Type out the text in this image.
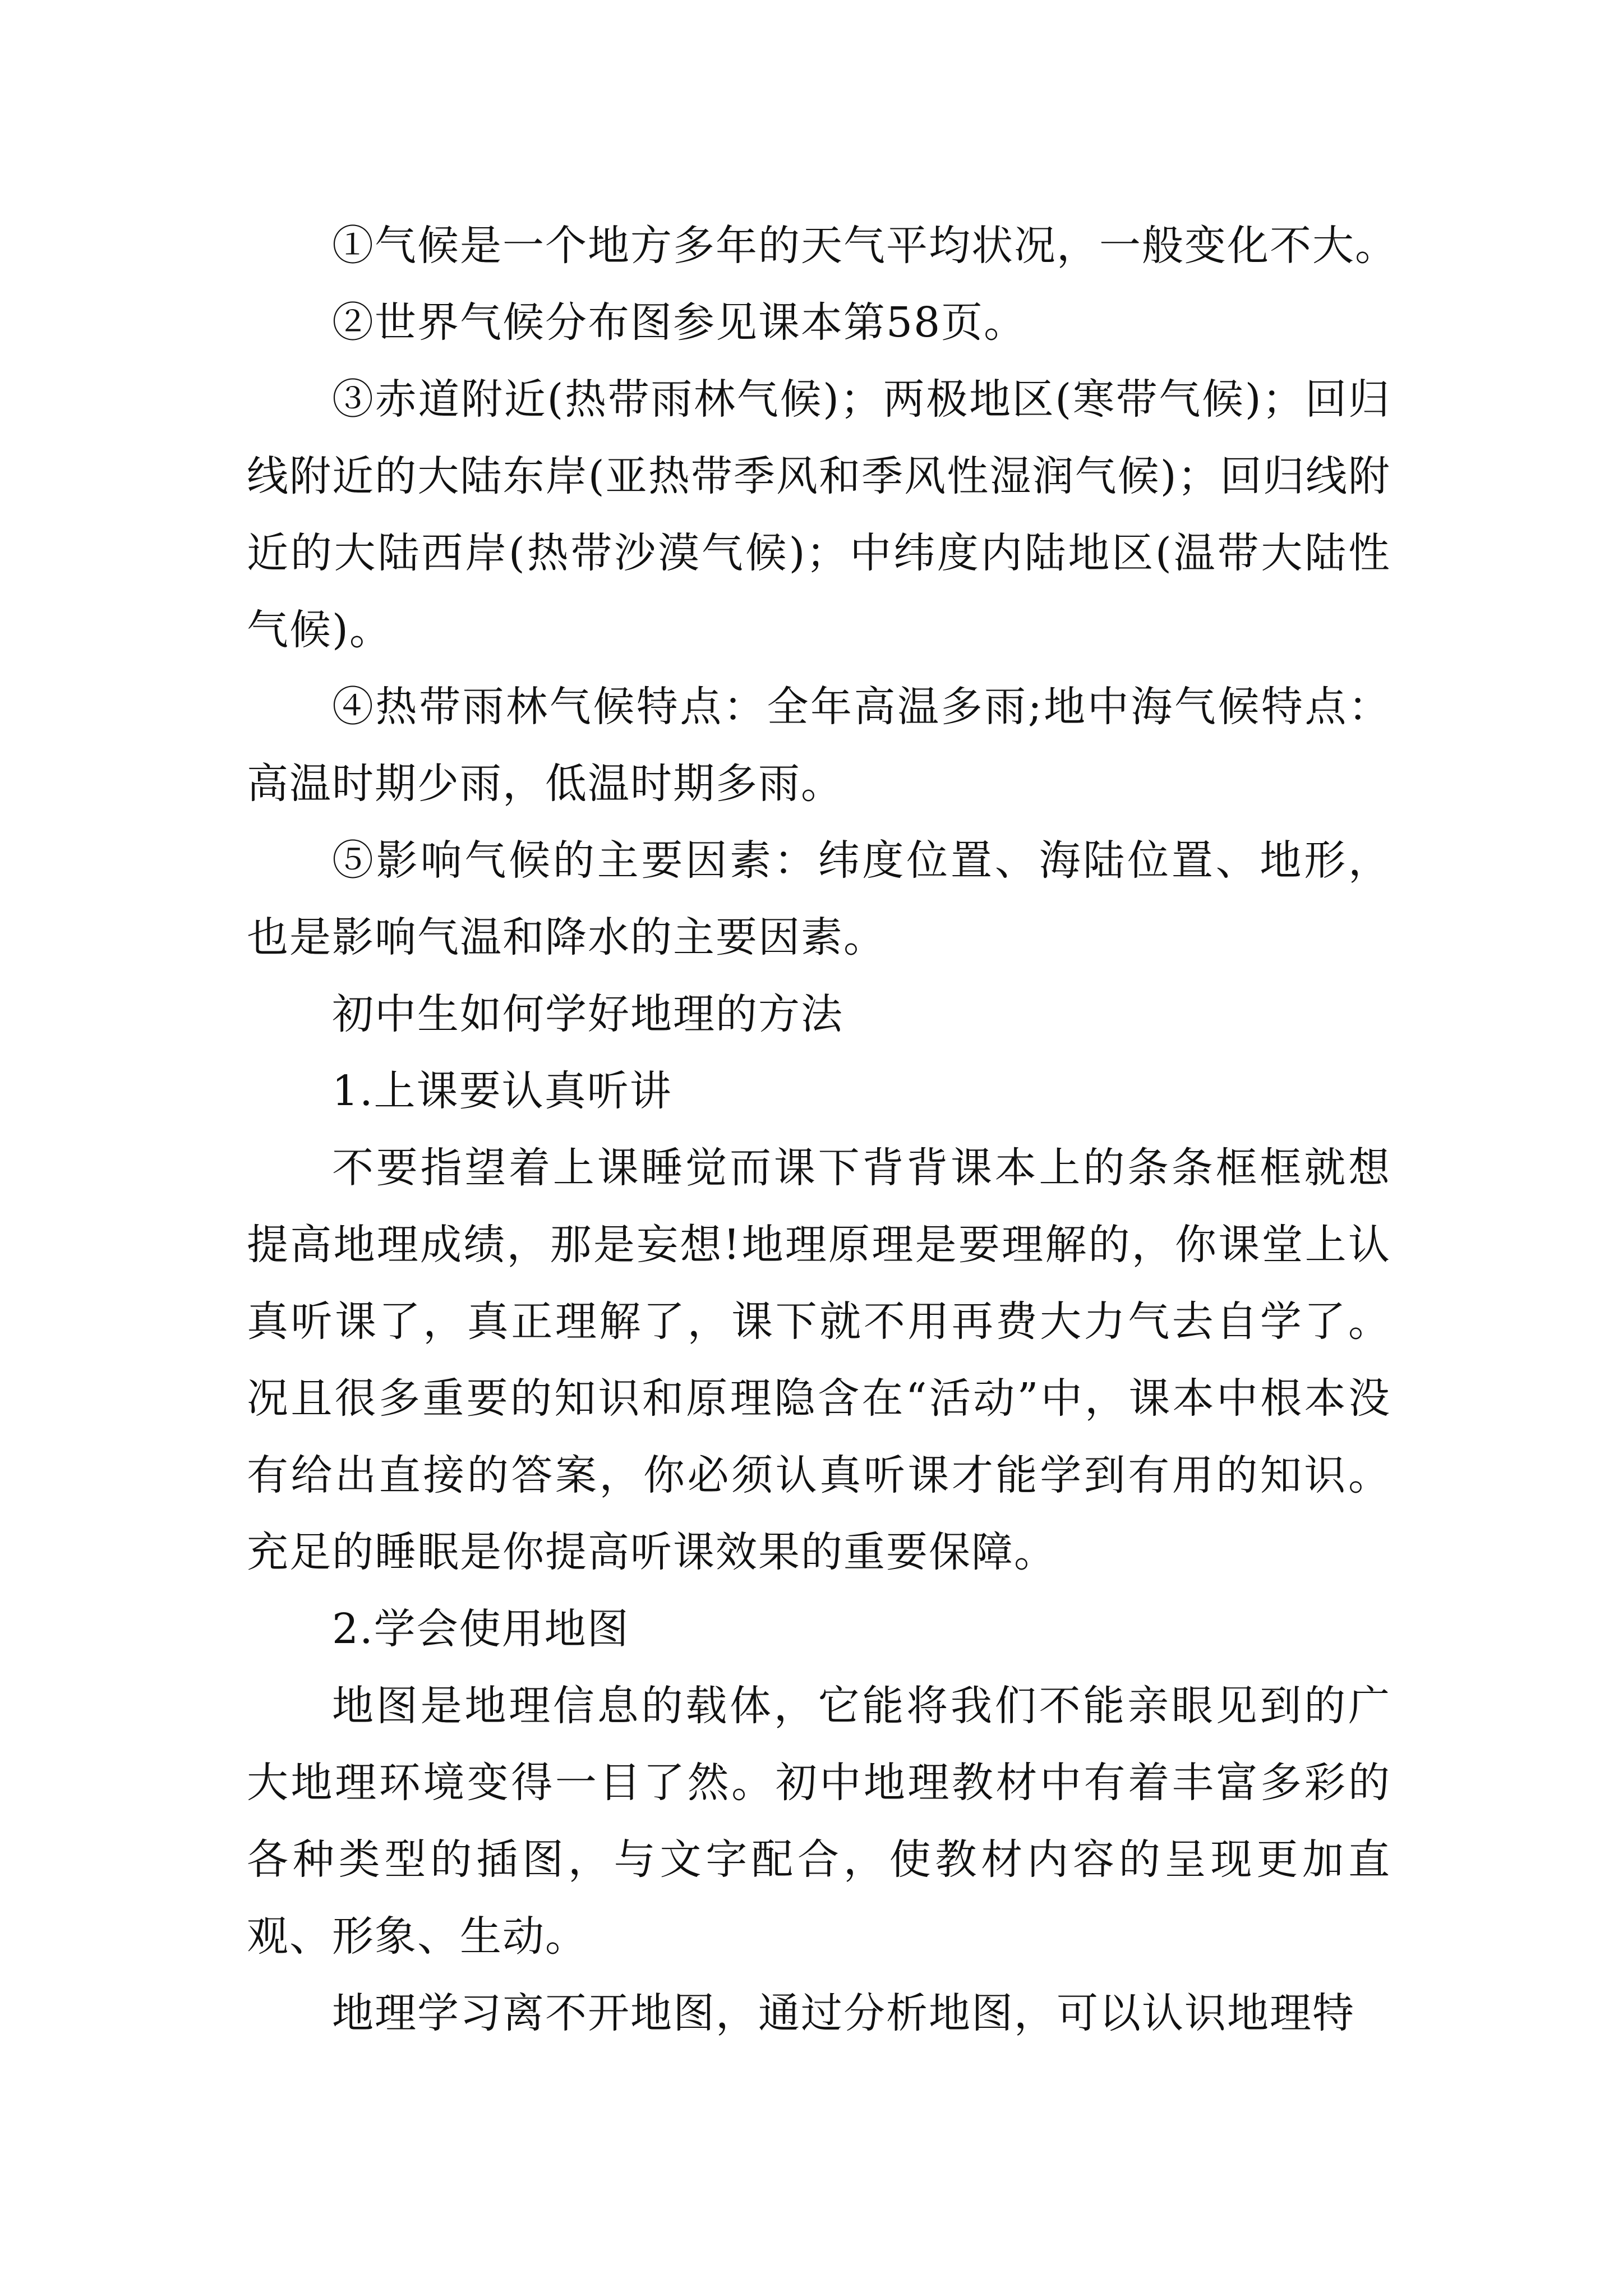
①气候是一个地方多年的天气平均状况，一般变化不大。

②世界气候分布图参见课本第58页。

③赤道附近(热带雨林气候)；两极地区(寒带气候)；回归线附近的大陆东岸(亚热带季风和季风性湿润气候)；回归线附近的大陆西岸(热带沙漠气候)；中纬度内陆地区(温带大陆性气候)。

④热带雨林气候特点：全年高温多雨;地中海气候特点：高温时期少雨，低温时期多雨。

⑤影响气候的主要因素：纬度位置、海陆位置、地形，也是影响气温和降水的主要因素。

初中生如何学好地理的方法

1.上课要认真听讲

不要指望着上课睡觉而课下背背课本上的条条框框就想提高地理成绩，那是妄想!地理原理是要理解的，你课堂上认真听课了，真正理解了，课下就不用再费大力气去自学了。况且很多重要的知识和原理隐含在“活动”中，课本中根本没有给出直接的答案，你必须认真听课才能学到有用的知识。充足的睡眠是你提高听课效果的重要保障。

2.学会使用地图

地图是地理信息的载体，它能将我们不能亲眼见到的广大地理环境变得一目了然。初中地理教材中有着丰富多彩的各种类型的插图，与文字配合，使教材内容的呈现更加直观、形象、生动。

地理学习离不开地图，通过分析地图，可以认识地理特
